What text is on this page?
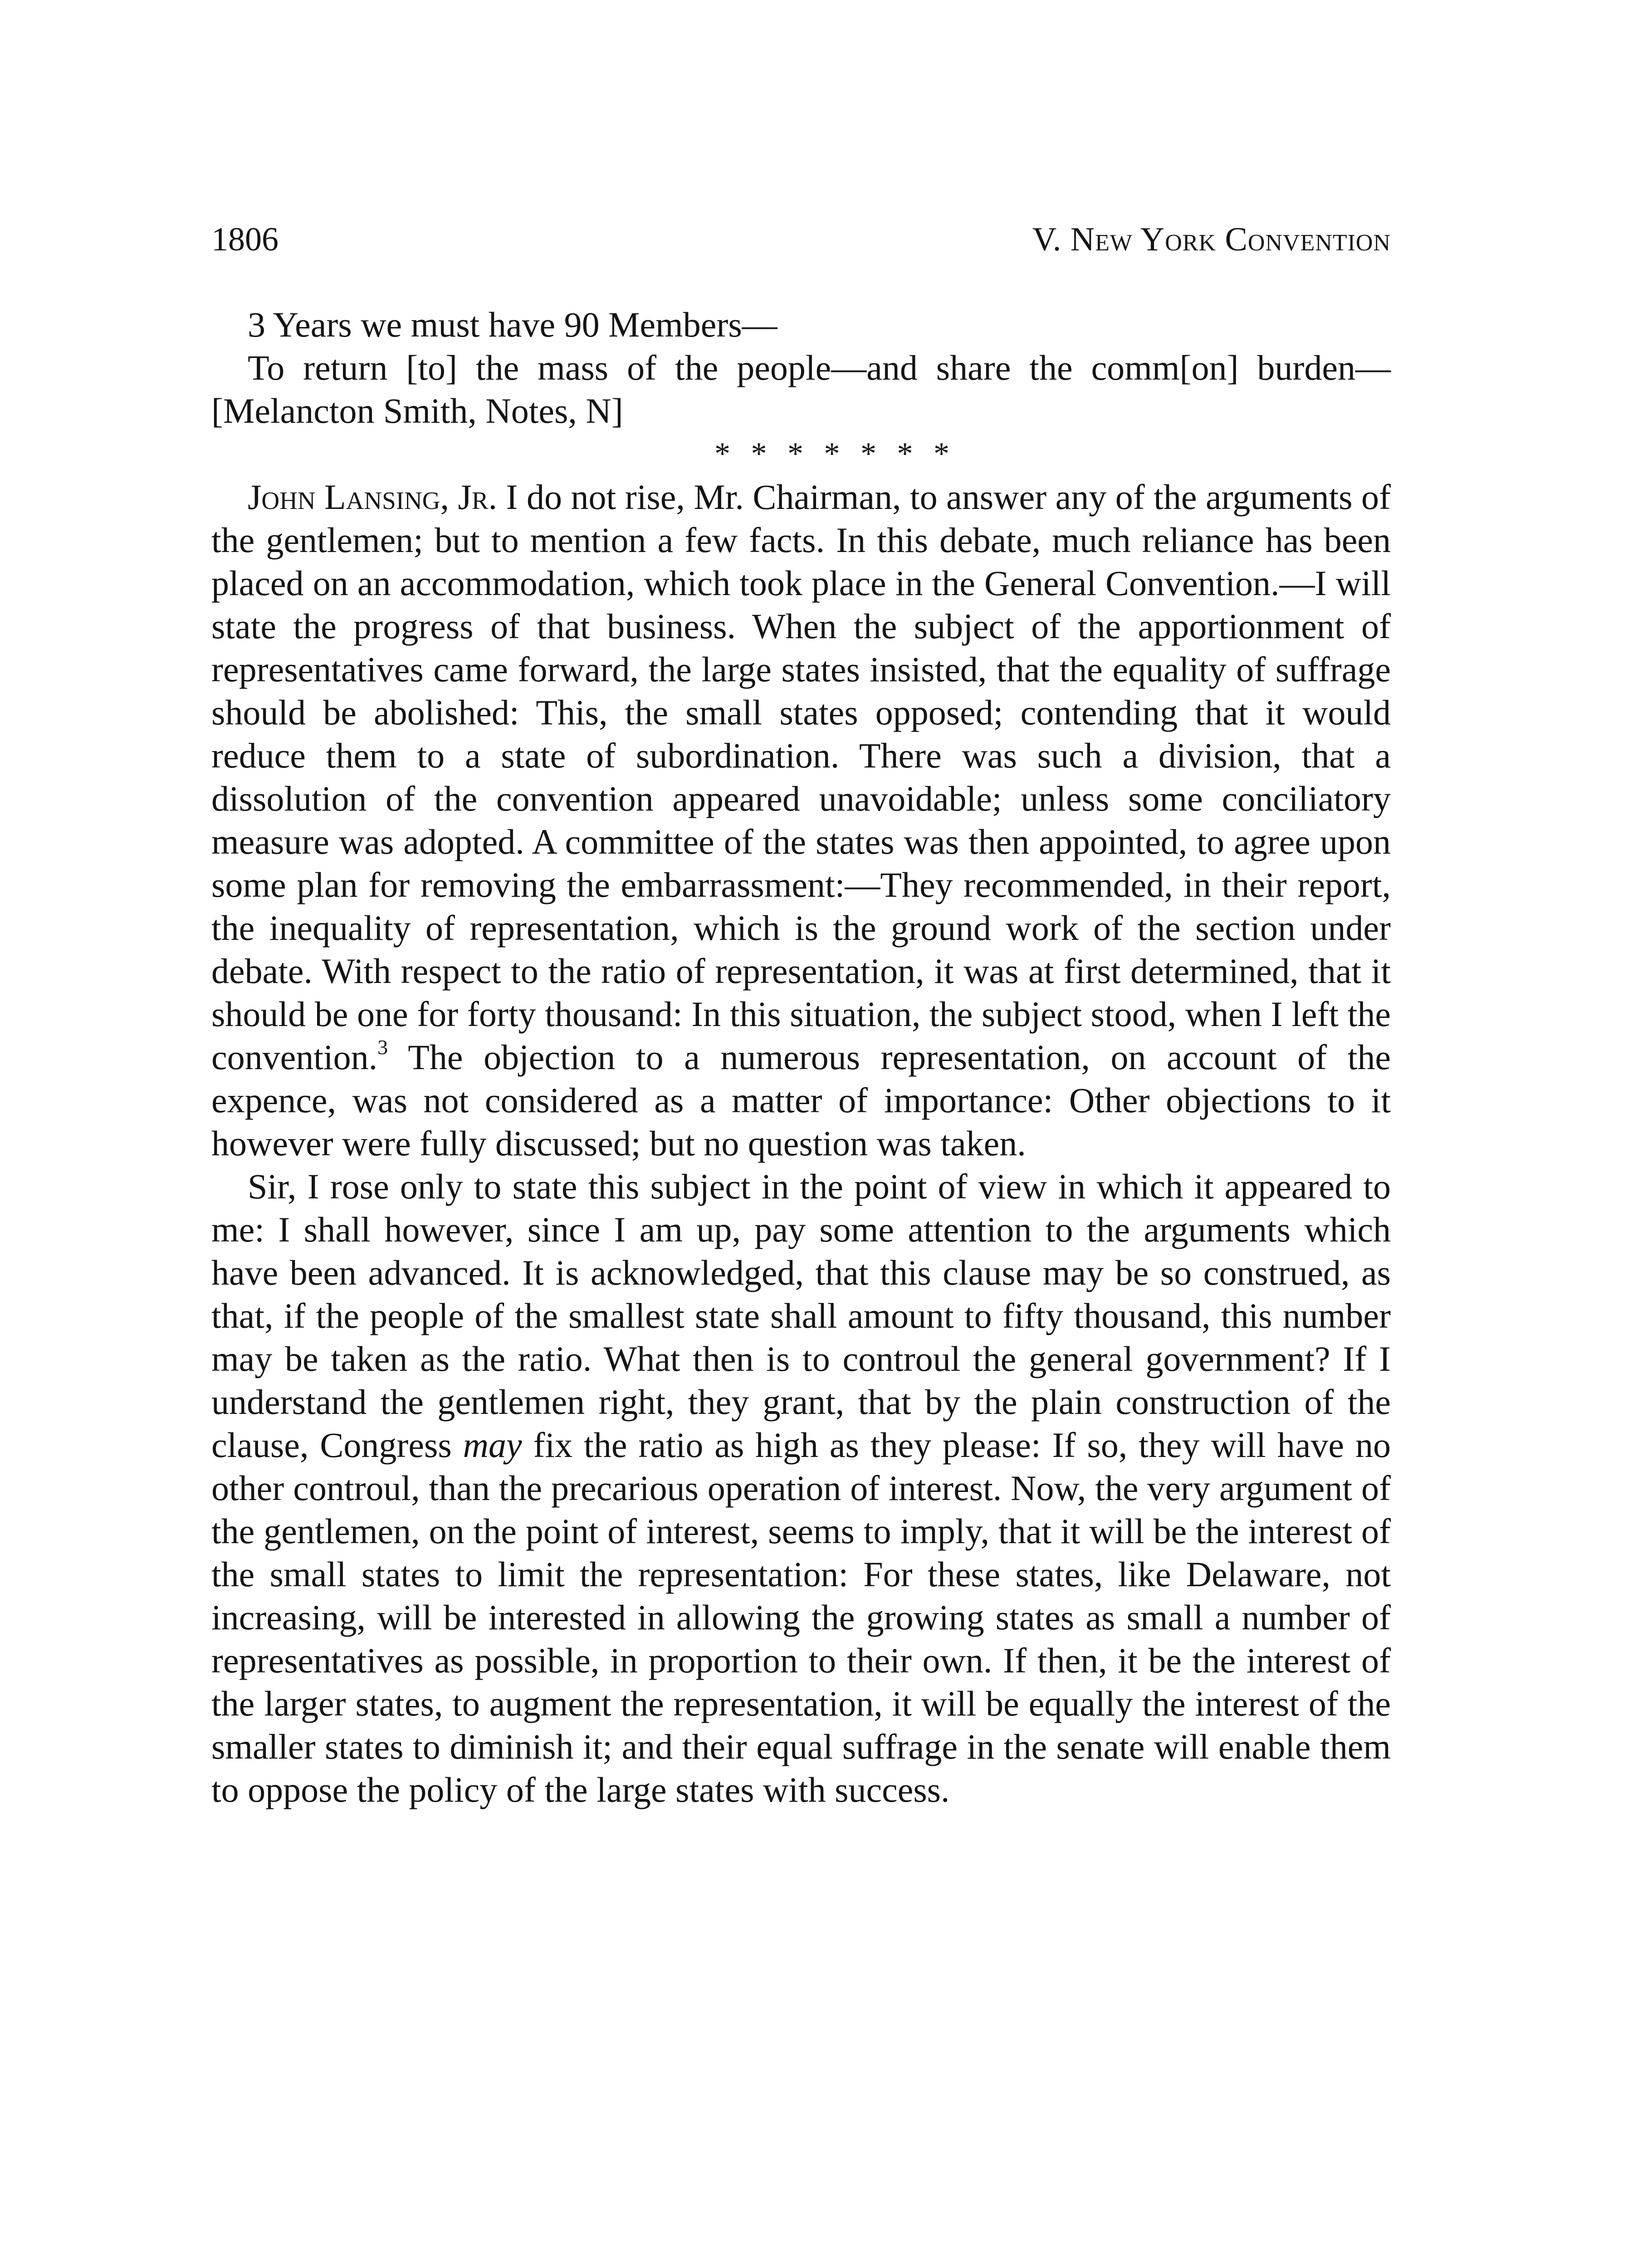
1806	V. New York Convention

3 Years we must have 90 Members—

To return [to] the mass of the people—and share the comm[on] burden— [Melancton Smith, Notes, N]

* * * * * * *

John Lansing, Jr. I do not rise, Mr. Chairman, to answer any of the arguments of the gentlemen; but to mention a few facts. In this debate, much reliance has been placed on an accommodation, which took place in the General Convention.—I will state the progress of that business. When the subject of the apportionment of representatives came forward, the large states insisted, that the equality of suffrage should be abolished: This, the small states opposed; contending that it would reduce them to a state of subordination. There was such a division, that a dissolution of the convention appeared unavoidable; unless some conciliatory measure was adopted. A committee of the states was then appointed, to agree upon some plan for removing the embarrassment:—They recommended, in their report, the inequality of representation, which is the ground work of the section under debate. With respect to the ratio of representation, it was at first determined, that it should be one for forty thousand: In this situation, the subject stood, when I left the convention.$^3$ The objection to a numerous representation, on account of the expence, was not considered as a matter of importance: Other objections to it however were fully discussed; but no question was taken.

Sir, I rose only to state this subject in the point of view in which it appeared to me: I shall however, since I am up, pay some attention to the arguments which have been advanced. It is acknowledged, that this clause may be so construed, as that, if the people of the smallest state shall amount to fifty thousand, this number may be taken as the ratio. What then is to controul the general government? If I understand the gentlemen right, they grant, that by the plain construction of the clause, Congress may fix the ratio as high as they please: If so, they will have no other controul, than the precarious operation of interest. Now, the very argument of the gentlemen, on the point of interest, seems to imply, that it will be the interest of the small states to limit the representation: For these states, like Delaware, not increasing, will be interested in allowing the growing states as small a number of representatives as possible, in proportion to their own. If then, it be the interest of the larger states, to augment the representation, it will be equally the interest of the smaller states to diminish it; and their equal suffrage in the senate will enable them to oppose the policy of the large states with success.
